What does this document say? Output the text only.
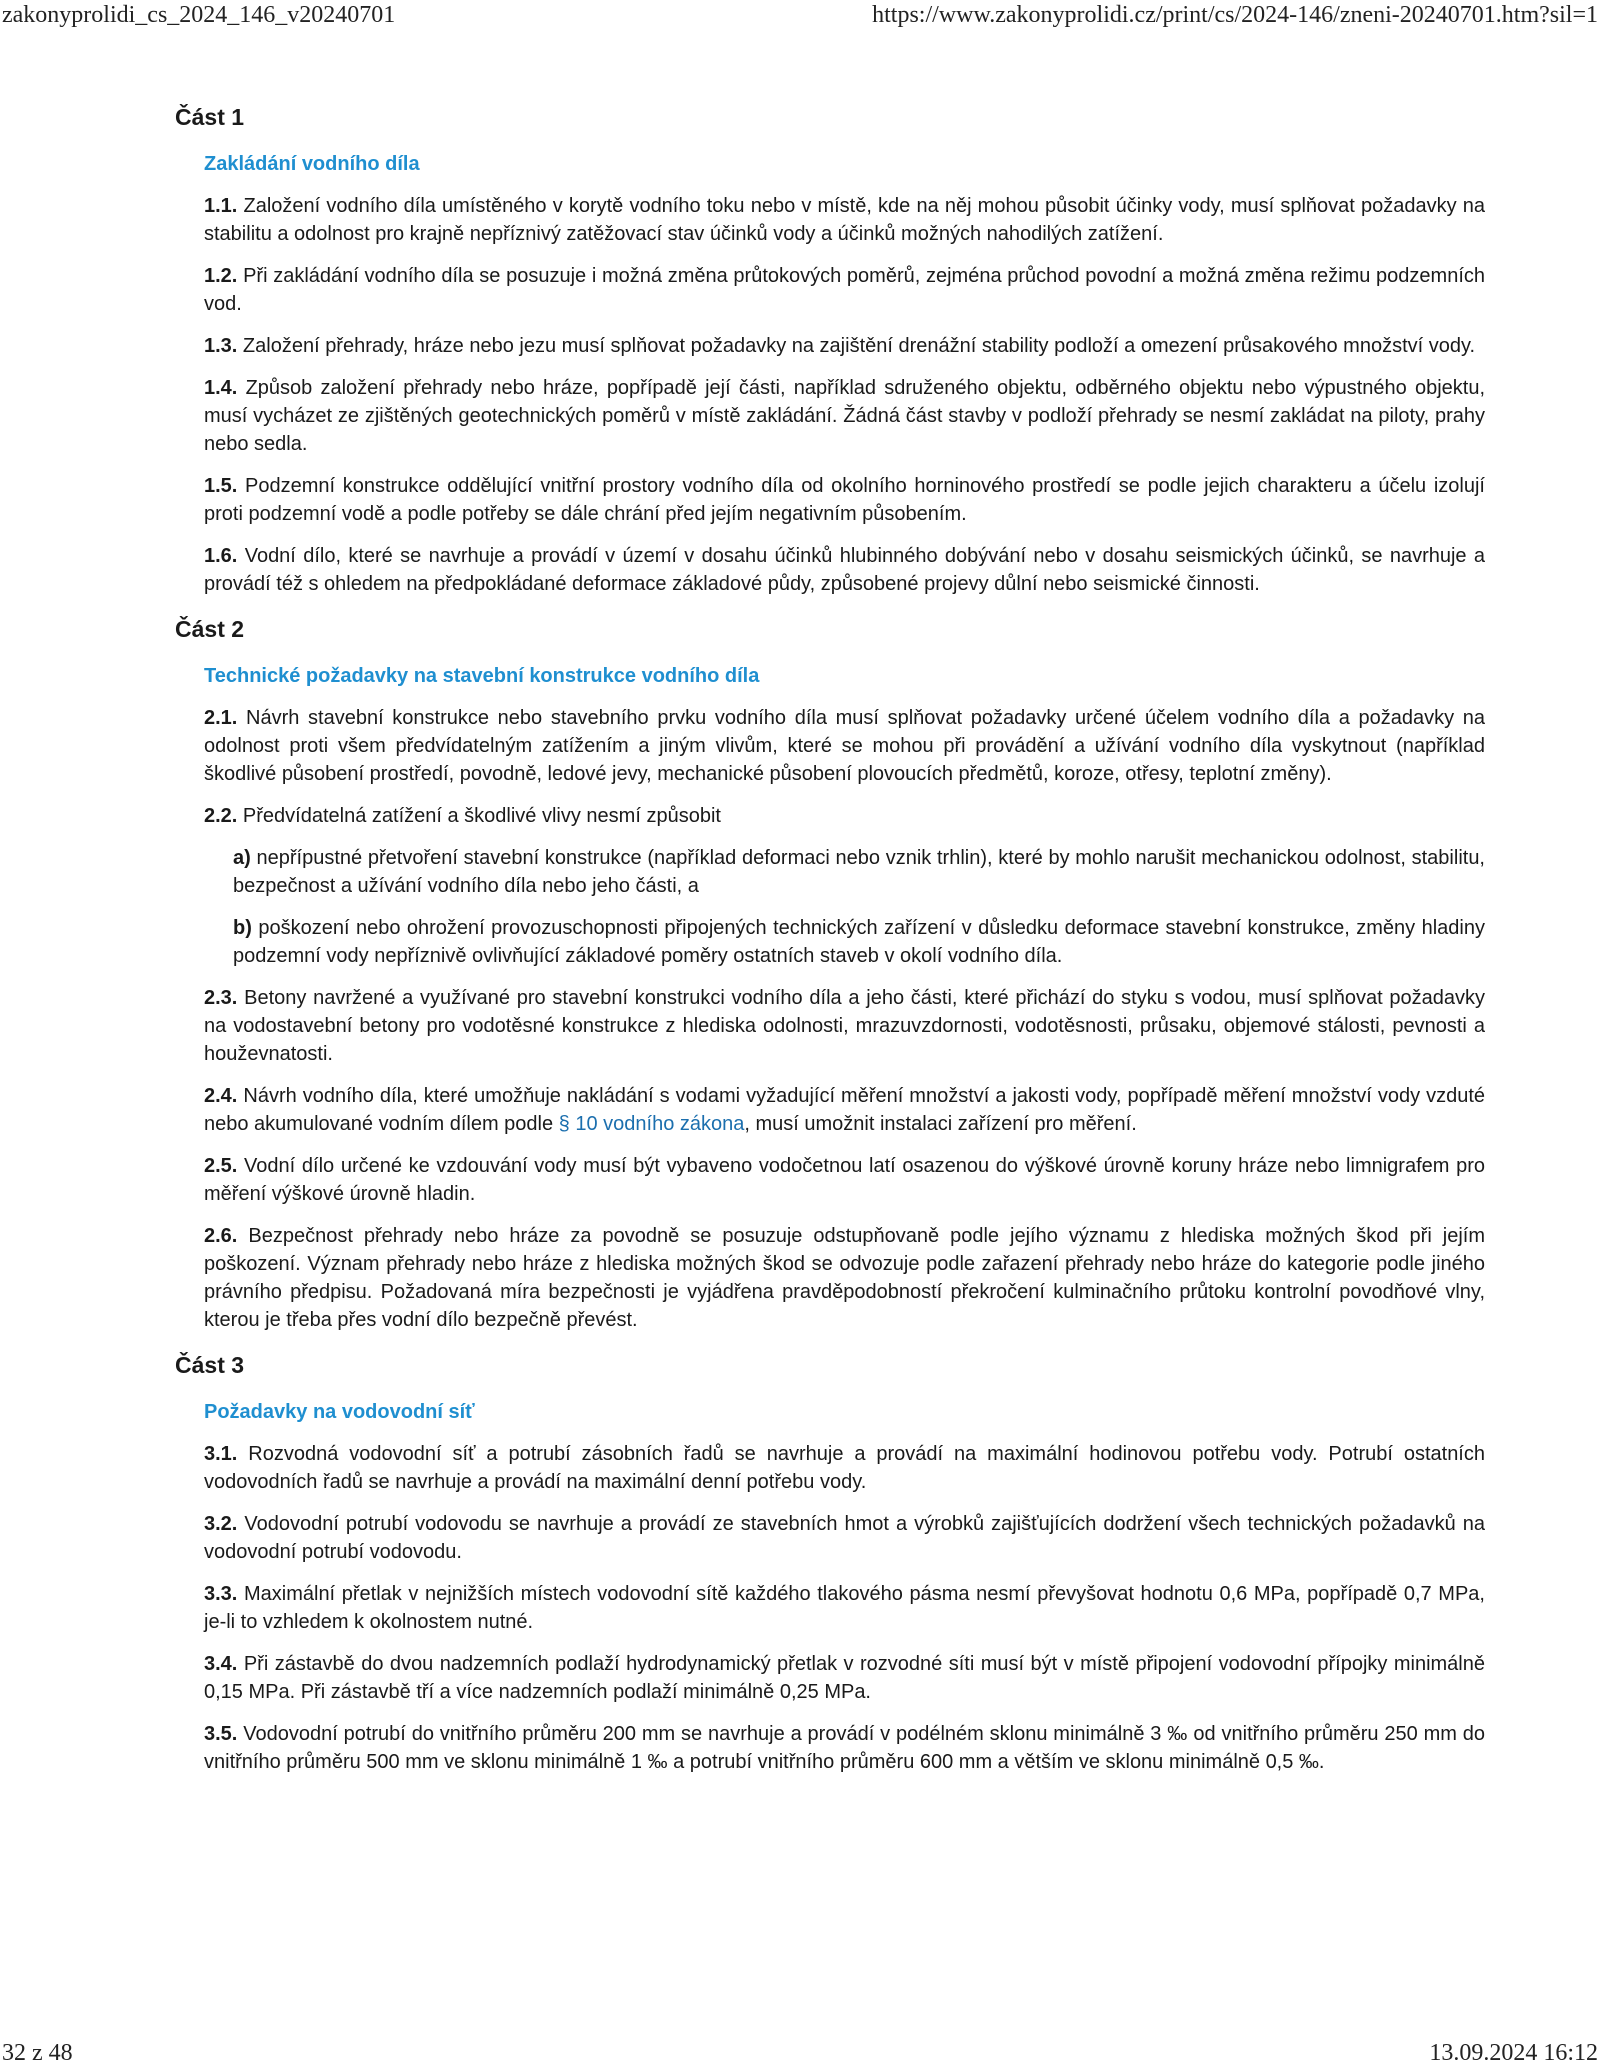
zakonyprolidi_cs_2024_146_v20240701	https://www.zakonyprolidi.cz/print/cs/2024-146/zneni-20240701.htm?sil=1
Část 1
Zakládání vodního díla
1.1. Založení vodního díla umístěného v korytě vodního toku nebo v místě, kde na něj mohou působit účinky vody, musí splňovat požadavky na stabilitu a odolnost pro krajně nepříznivý zatěžovací stav účinků vody a účinků možných nahodilých zatížení.
1.2. Při zakládání vodního díla se posuzuje i možná změna průtokových poměrů, zejména průchod povodní a možná změna režimu podzemních vod.
1.3. Založení přehrady, hráze nebo jezu musí splňovat požadavky na zajištění drenážní stability podloží a omezení průsakového množství vody.
1.4. Způsob založení přehrady nebo hráze, popřípadě její části, například sdruženého objektu, odběrného objektu nebo výpustného objektu, musí vycházet ze zjištěných geotechnických poměrů v místě zakládání. Žádná část stavby v podloží přehrady se nesmí zakládat na piloty, prahy nebo sedla.
1.5. Podzemní konstrukce oddělující vnitřní prostory vodního díla od okolního horninového prostředí se podle jejich charakteru a účelu izolují proti podzemní vodě a podle potřeby se dále chrání před jejím negativním působením.
1.6. Vodní dílo, které se navrhuje a provádí v území v dosahu účinků hlubinného dobývání nebo v dosahu seismických účinků, se navrhuje a provádí též s ohledem na předpokládané deformace základové půdy, způsobené projevy důlní nebo seismické činnosti.
Část 2
Technické požadavky na stavební konstrukce vodního díla
2.1. Návrh stavební konstrukce nebo stavebního prvku vodního díla musí splňovat požadavky určené účelem vodního díla a požadavky na odolnost proti všem předvídatelným zatížením a jiným vlivům, které se mohou při provádění a užívání vodního díla vyskytnout (například škodlivé působení prostředí, povodně, ledové jevy, mechanické působení plovoucích předmětů, koroze, otřesy, teplotní změny).
2.2. Předvídatelná zatížení a škodlivé vlivy nesmí způsobit
a) nepřípustné přetvoření stavební konstrukce (například deformaci nebo vznik trhlin), které by mohlo narušit mechanickou odolnost, stabilitu, bezpečnost a užívání vodního díla nebo jeho části, a
b) poškození nebo ohrožení provozuschopnosti připojených technických zařízení v důsledku deformace stavební konstrukce, změny hladiny podzemní vody nepříznivě ovlivňující základové poměry ostatních staveb v okolí vodního díla.
2.3. Betony navržené a využívané pro stavební konstrukci vodního díla a jeho části, které přichází do styku s vodou, musí splňovat požadavky na vodostavební betony pro vodotěsné konstrukce z hlediska odolnosti, mrazuvzdornosti, vodotěsnosti, průsaku, objemové stálosti, pevnosti a houževnatosti.
2.4. Návrh vodního díla, které umožňuje nakládání s vodami vyžadující měření množství a jakosti vody, popřípadě měření množství vody vzduté nebo akumulované vodním dílem podle § 10 vodního zákona, musí umožnit instalaci zařízení pro měření.
2.5. Vodní dílo určené ke vzdouvání vody musí být vybaveno vodočetnou latí osazenou do výškové úrovně koruny hráze nebo limnigrafem pro měření výškové úrovně hladin.
2.6. Bezpečnost přehrady nebo hráze za povodně se posuzuje odstupňovaně podle jejího významu z hlediska možných škod při jejím poškození. Význam přehrady nebo hráze z hlediska možných škod se odvozuje podle zařazení přehrady nebo hráze do kategorie podle jiného právního předpisu. Požadovaná míra bezpečnosti je vyjádřena pravděpodobností překročení kulminačního průtoku kontrolní povodňové vlny, kterou je třeba přes vodní dílo bezpečně převést.
Část 3
Požadavky na vodovodní síť
3.1. Rozvodná vodovodní síť a potrubí zásobních řadů se navrhuje a provádí na maximální hodinovou potřebu vody. Potrubí ostatních vodovodních řadů se navrhuje a provádí na maximální denní potřebu vody.
3.2. Vodovodní potrubí vodovodu se navrhuje a provádí ze stavebních hmot a výrobků zajišťujících dodržení všech technických požadavků na vodovodní potrubí vodovodu.
3.3. Maximální přetlak v nejnižších místech vodovodní sítě každého tlakového pásma nesmí převyšovat hodnotu 0,6 MPa, popřípadě 0,7 MPa, je-li to vzhledem k okolnostem nutné.
3.4. Při zástavbě do dvou nadzemních podlaží hydrodynamický přetlak v rozvodné síti musí být v místě připojení vodovodní přípojky minimálně 0,15 MPa. Při zástavbě tří a více nadzemních podlaží minimálně 0,25 MPa.
3.5. Vodovodní potrubí do vnitřního průměru 200 mm se navrhuje a provádí v podélném sklonu minimálně 3 ‰ od vnitřního průměru 250 mm do vnitřního průměru 500 mm ve sklonu minimálně 1 ‰ a potrubí vnitřního průměru 600 mm a větším ve sklonu minimálně 0,5 ‰.
32 z 48	13.09.2024 16:12
